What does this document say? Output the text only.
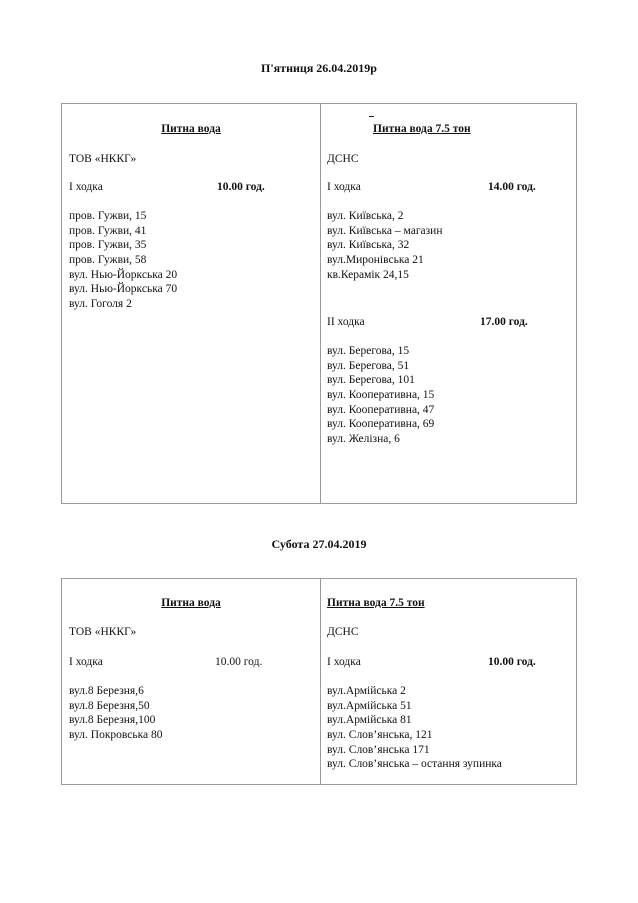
П'ятниця 26.04.2019р
Питна вода
ТОВ «НККГ»
І ходка	10.00 год.
пров. Гужви, 15
пров. Гужви, 41
пров. Гужви, 35
пров. Гужви, 58
вул. Нью-Йоркська 20
вул. Нью-Йоркська 70
вул. Гоголя 2
Питна вода 7.5 тон
ДСНС
І ходка	14.00 год.
вул. Київська, 2
вул. Київська – магазин
вул. Київська, 32
вул.Миронівська 21
кв.Керамік 24,15
ІІ ходка	17.00 год.
вул. Берегова, 15
вул. Берегова, 51
вул. Берегова, 101
вул. Кооперативна, 15
вул. Кооперативна, 47
вул. Кооперативна, 69
вул. Желізна, 6
Субота 27.04.2019
Питна вода
ТОВ «НККГ»
І ходка	10.00 год.
вул.8 Березня,6
вул.8 Березня,50
вул.8 Березня,100
вул. Покровська 80
Питна вода 7.5 тон
ДСНС
І ходка	10.00 год.
вул.Армійська 2
вул.Армійська 51
вул.Армійська 81
вул. Слов’янська, 121
вул. Слов’янська 171
вул. Слов’янська – остання зупинка
